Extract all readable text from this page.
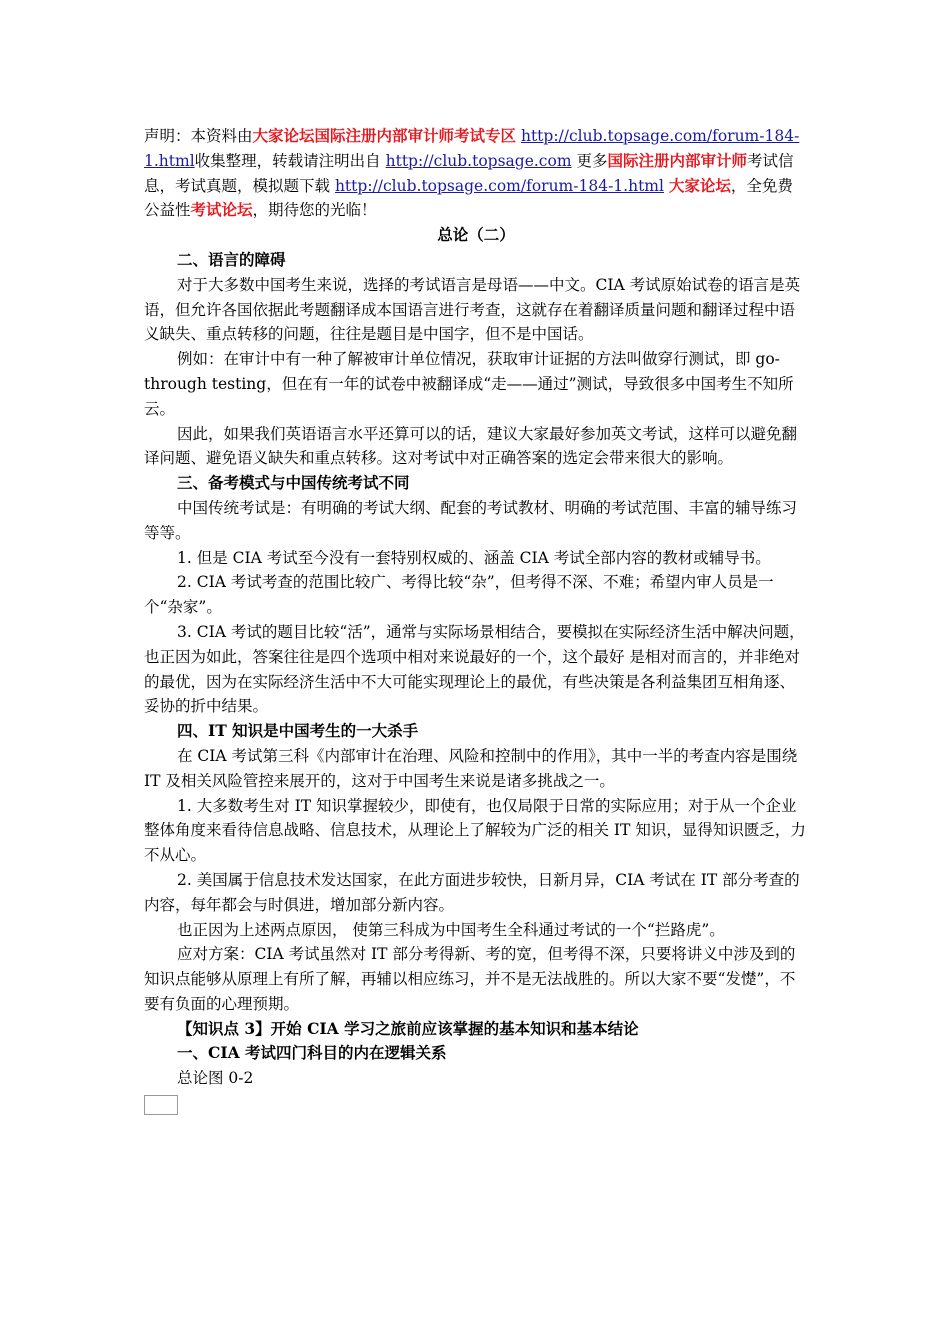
声明：本资料由大家论坛国际注册内部审计师考试专区 http://club.topsage.com/forum-184-1.html收集整理，转载请注明出自 http://club.topsage.com 更多国际注册内部审计师考试信息，考试真题，模拟题下载 http://club.topsage.com/forum-184-1.html 大家论坛，全免费公益性考试论坛，期待您的光临！

总论（二）

二、语言的障碍

对于大多数中国考生来说，选择的考试语言是母语——中文。CIA 考试原始试卷的语言是英语，但允许各国依据此考题翻译成本国语言进行考查，这就存在着翻译质量问题和翻译过程中语义缺失、重点转移的问题，往往是题目是中国字，但不是中国话。

例如：在审计中有一种了解被审计单位情况，获取审计证据的方法叫做穿行测试，即 go-through testing，但在有一年的试卷中被翻译成“走——通过”测试，导致很多中国考生不知所云。

因此，如果我们英语语言水平还算可以的话，建议大家最好参加英文考试，这样可以避免翻译问题、避免语义缺失和重点转移。这对考试中对正确答案的选定会带来很大的影响。

三、备考模式与中国传统考试不同

中国传统考试是：有明确的考试大纲、配套的考试教材、明确的考试范围、丰富的辅导练习等等。

1. 但是 CIA 考试至今没有一套特别权威的、涵盖 CIA 考试全部内容的教材或辅导书。

2. CIA 考试考查的范围比较广、考得比较“杂”，但考得不深、不难；希望内审人员是一个“杂家”。

3. CIA 考试的题目比较“活”，通常与实际场景相结合，要模拟在实际经济生活中解决问题，也正因为如此，答案往往是四个选项中相对来说最好的一个，这个最好 是相对而言的，并非绝对的最优，因为在实际经济生活中不大可能实现理论上的最优，有些决策是各利益集团互相角逐、妥协的折中结果。

四、IT 知识是中国考生的一大杀手

在 CIA 考试第三科《内部审计在治理、风险和控制中的作用》，其中一半的考查内容是围绕 IT 及相关风险管控来展开的，这对于中国考生来说是诸多挑战之一。

1. 大多数考生对 IT 知识掌握较少，即使有，也仅局限于日常的实际应用；对于从一个企业整体角度来看待信息战略、信息技术，从理论上了解较为广泛的相关 IT 知识，显得知识匮乏，力不从心。

2. 美国属于信息技术发达国家，在此方面进步较快，日新月异，CIA 考试在 IT 部分考查的内容，每年都会与时俱进，增加部分新内容。

也正因为上述两点原因， 使第三科成为中国考生全科通过考试的一个“拦路虎”。

应对方案：CIA 考试虽然对 IT 部分考得新、考的宽，但考得不深，只要将讲义中涉及到的知识点能够从原理上有所了解，再辅以相应练习，并不是无法战胜的。所以大家不要“发憷”，不要有负面的心理预期。

【知识点 3】开始 CIA 学习之旅前应该掌握的基本知识和基本结论

一、CIA 考试四门科目的内在逻辑关系

总论图 0-2
